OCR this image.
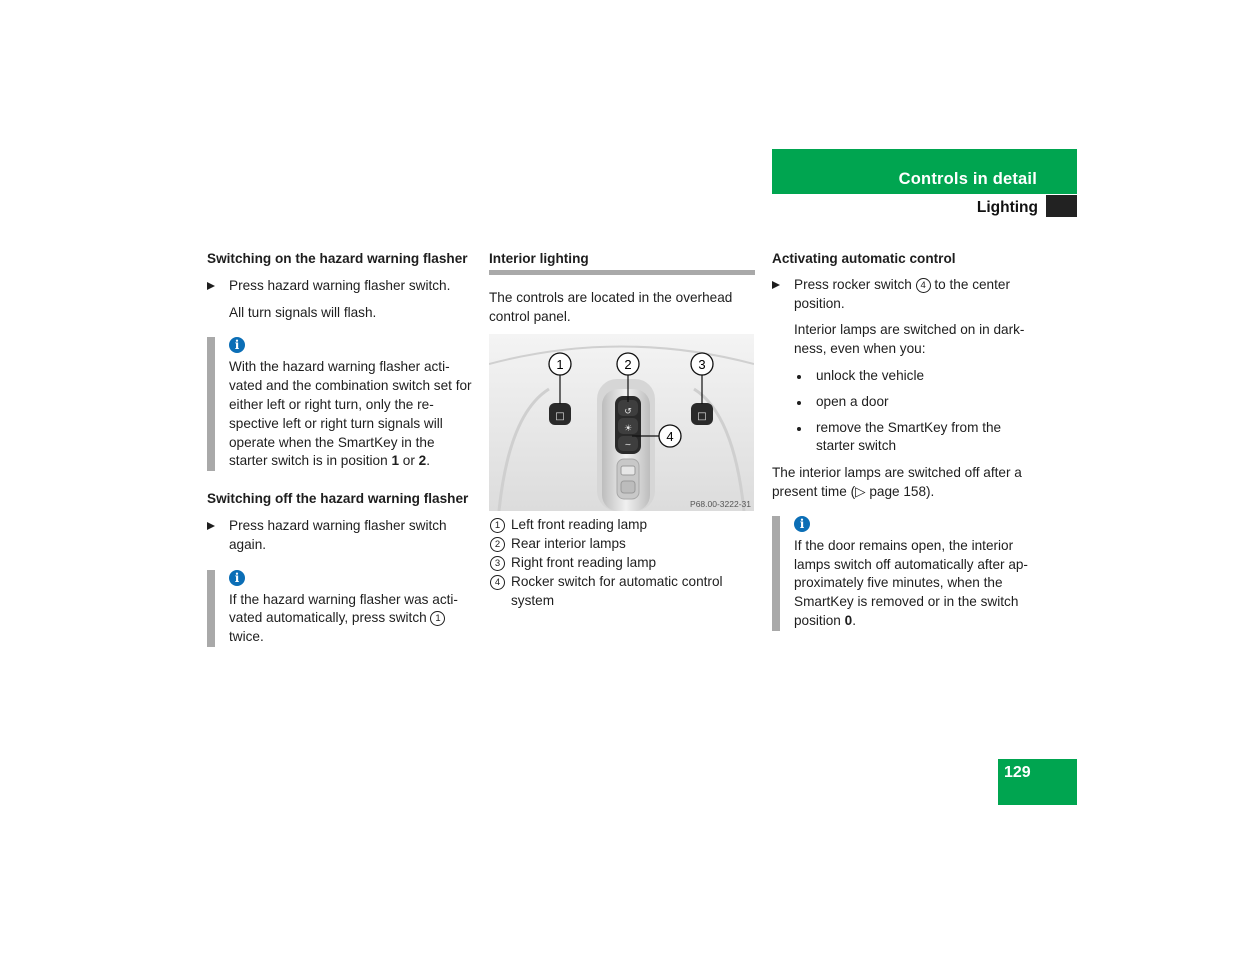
Controls in detail
Lighting

Switching on the hazard warning flasher

Press hazard warning flasher switch.

All turn signals will flash.

i

With the hazard warning flasher acti-vated and the combination switch set for either left or right turn, only the re-spective left or right turn signals will operate when the SmartKey in the starter switch is in position 1 or 2.

Switching off the hazard warning flasher

Press hazard warning flasher switch again.
i

If the hazard warning flasher was acti-vated automatically, press switch 1 twice.

Interior lighting

The controls are located in the overhead control panel.

↺
☀
∼
□	□
1	2	3
4
P68.00-3222-31
1 Left front reading lamp
2 Rear interior lamps
3 Right front reading lamp
4 Rocker switch for automatic control system

Activating automatic control

Press rocker switch 4 to the center position.

Interior lamps are switched on in dark-ness, even when you:

unlock the vehicle
open a door
remove the SmartKey from the starter switch

The interior lamps are switched off after a present time (▷ page 158).

i

If the door remains open, the interior lamps switch off automatically after ap-proximately five minutes, when the SmartKey is removed or in the switch position 0.

129
